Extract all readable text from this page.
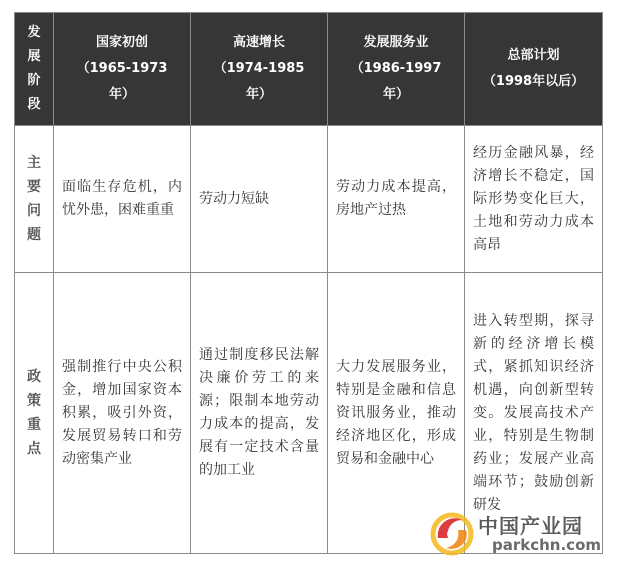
发
展
阶
段	国家初创
（1965-1973
年）	高速增长
（1974-1985
年）	发展服务业
（1986-1997
年）	总部计划
（1998年以后）

主
要
问
题	面临生存危机，内忧外患，困难重重	劳动力短缺	劳动力成本提高，房地产过热	经历金融风暴，经济增长不稳定，国际形势变化巨大，土地和劳动力成本高昂

政
策
重
点	强制推行中央公积金，增加国家资本积累，吸引外资，发展贸易转口和劳动密集产业	通过制度移民法解决廉价劳工的来源；限制本地劳动力成本的提高，发展有一定技术含量的加工业	大力发展服务业，特别是金融和信息资讯服务业，推动经济地区化，形成贸易和金融中心	进入转型期，探寻新的经济增长模式，紧抓知识经济机遇，向创新型转变。发展高技术产业，特别是生物制药业；发展产业高端环节；鼓励创新研发
中国产业园
parkchn.com
